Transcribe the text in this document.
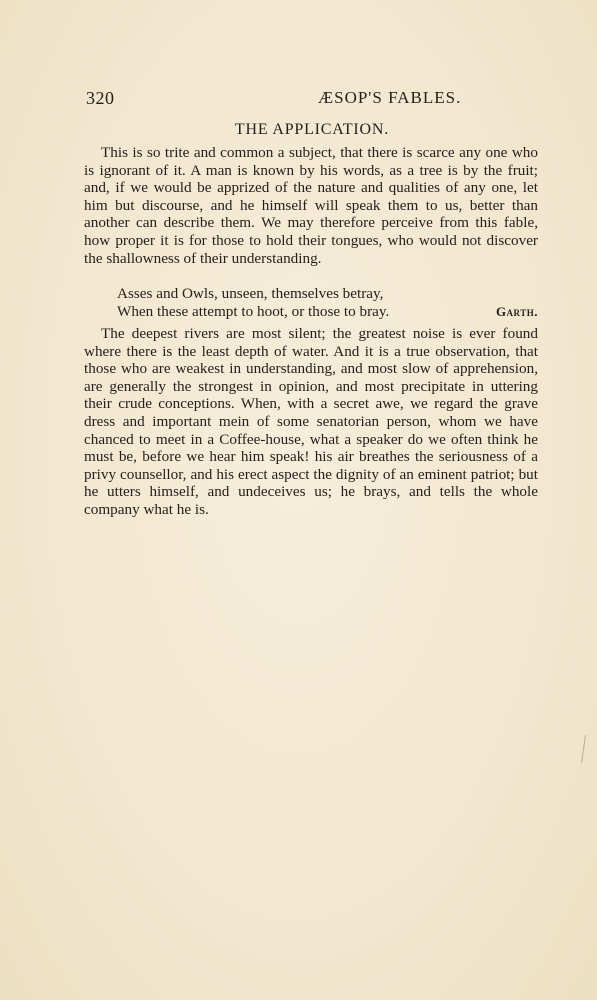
320	ÆSOP'S FABLES.
THE APPLICATION.
This is so trite and common a subject, that there is scarce any one who is ignorant of it. A man is known by his words, as a tree is by the fruit; and, if we would be apprized of the nature and qualities of any one, let him but discourse, and he himself will speak them to us, better than another can describe them. We may therefore perceive from this fable, how proper it is for those to hold their tongues, who would not discover the shallowness of their understanding.
Asses and Owls, unseen, themselves betray,
When these attempt to hoot, or those to bray.	Garth.
The deepest rivers are most silent; the greatest noise is ever found where there is the least depth of water. And it is a true observation, that those who are weakest in understanding, and most slow of apprehension, are generally the strongest in opinion, and most precipitate in uttering their crude conceptions. When, with a secret awe, we regard the grave dress and important mein of some senatorian person, whom we have chanced to meet in a Coffee-house, what a speaker do we often think he must be, before we hear him speak! his air breathes the seriousness of a privy counsellor, and his erect aspect the dignity of an eminent patriot; but he utters himself, and undeceives us; he brays, and tells the whole company what he is.
